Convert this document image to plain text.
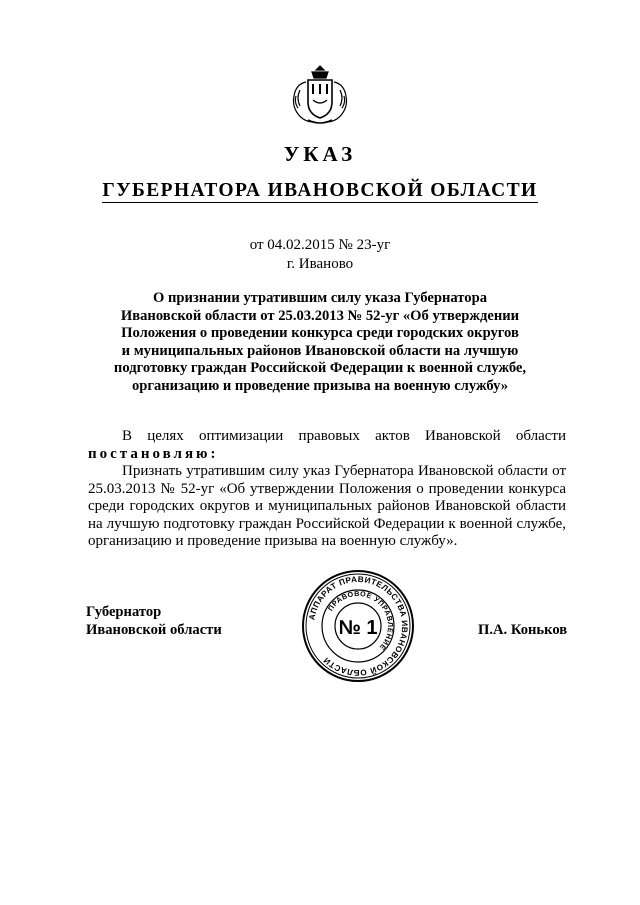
УКАЗ
ГУБЕРНАТОРА ИВАНОВСКОЙ ОБЛАСТИ
от 04.02.2015 № 23-уг
г. Иваново
О признании утратившим силу указа Губернатора
Ивановской области от 25.03.2013 № 52-уг «Об утверждении
Положения о проведении конкурса среди городских округов
и муниципальных районов Ивановской области на лучшую
подготовку граждан Российской Федерации к военной службе,
организацию и проведение призыва на военную службу»
В целях оптимизации правовых актов Ивановской области
постановляю:
Признать утратившим силу указ Губернатора Ивановской области от 25.03.2013 № 52-уг «Об утверждении Положения о проведении конкурса среди городских округов и муниципальных районов Ивановской области на лучшую подготовку граждан Российской Федерации к военной службе, организацию и проведение призыва на военную службу».
Губернатор
Ивановской области
АППАРАТ ПРАВИТЕЛЬСТВА ИВАНОВСКОЙ ОБЛАСТИ
ПРАВОВОЕ УПРАВЛЕНИЕ
№ 1	П.А. Коньков
